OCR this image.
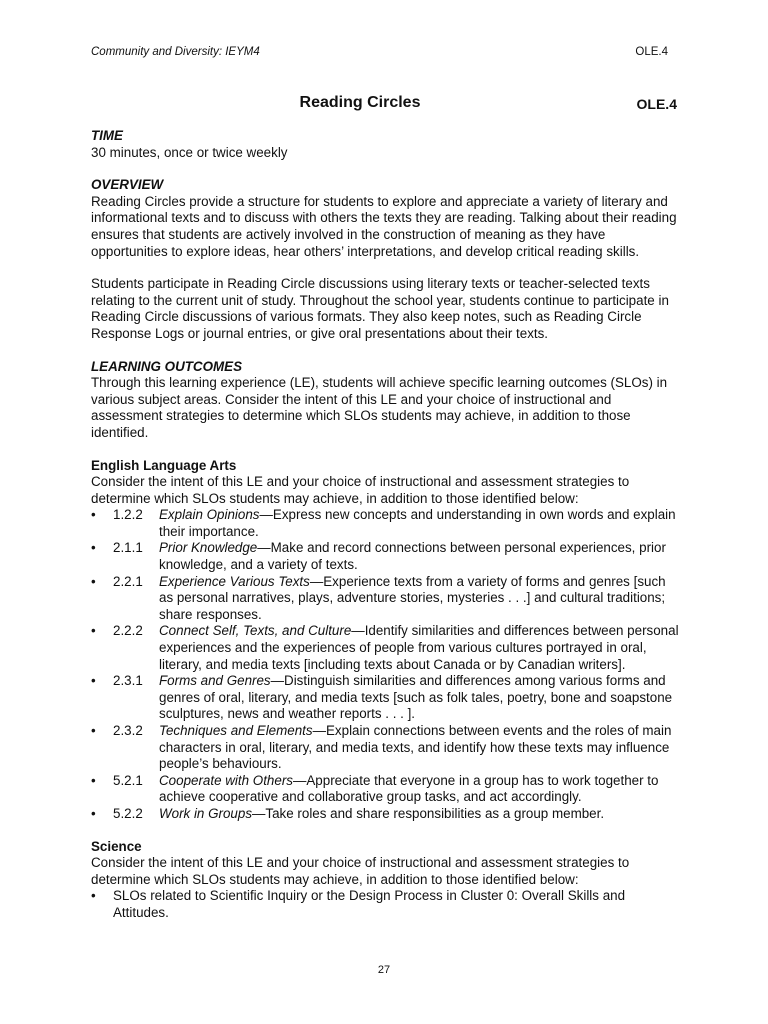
Community and Diversity: IEYM4	OLE.4
Reading Circles	OLE.4

TIME

30 minutes, once or twice weekly

OVERVIEW

Reading Circles provide a structure for students to explore and appreciate a variety of literary and informational texts and to discuss with others the texts they are reading. Talking about their reading ensures that students are actively involved in the construction of meaning as they have opportunities to explore ideas, hear others’ interpretations, and develop critical reading skills.

Students participate in Reading Circle discussions using literary texts or teacher-selected texts relating to the current unit of study. Throughout the school year, students continue to participate in Reading Circle discussions of various formats. They also keep notes, such as Reading Circle Response Logs or journal entries, or give oral presentations about their texts.

LEARNING OUTCOMES

Through this learning experience (LE), students will achieve specific learning outcomes (SLOs) in various subject areas. Consider the intent of this LE and your choice of instructional and assessment strategies to determine which SLOs students may achieve, in addition to those identified.

English Language Arts

Consider the intent of this LE and your choice of instructional and assessment strategies to determine which SLOs students may achieve, in addition to those identified below:

• 1.2.2 Explain Opinions—Express new concepts and understanding in own words and explain their importance.
• 2.1.1 Prior Knowledge—Make and record connections between personal experiences, prior knowledge, and a variety of texts.
• 2.2.1 Experience Various Texts—Experience texts from a variety of forms and genres [such as personal narratives, plays, adventure stories, mysteries . . .] and cultural traditions; share responses.
• 2.2.2 Connect Self, Texts, and Culture—Identify similarities and differences between personal experiences and the experiences of people from various cultures portrayed in oral, literary, and media texts [including texts about Canada or by Canadian writers].
• 2.3.1 Forms and Genres—Distinguish similarities and differences among various forms and genres of oral, literary, and media texts [such as folk tales, poetry, bone and soapstone sculptures, news and weather reports . . . ].
• 2.3.2 Techniques and Elements—Explain connections between events and the roles of main characters in oral, literary, and media texts, and identify how these texts may influence people’s behaviours.
• 5.2.1 Cooperate with Others—Appreciate that everyone in a group has to work together to achieve cooperative and collaborative group tasks, and act accordingly.
• 5.2.2 Work in Groups—Take roles and share responsibilities as a group member.

Science

Consider the intent of this LE and your choice of instructional and assessment strategies to determine which SLOs students may achieve, in addition to those identified below:

• SLOs related to Scientific Inquiry or the Design Process in Cluster 0: Overall Skills and Attitudes.
27
